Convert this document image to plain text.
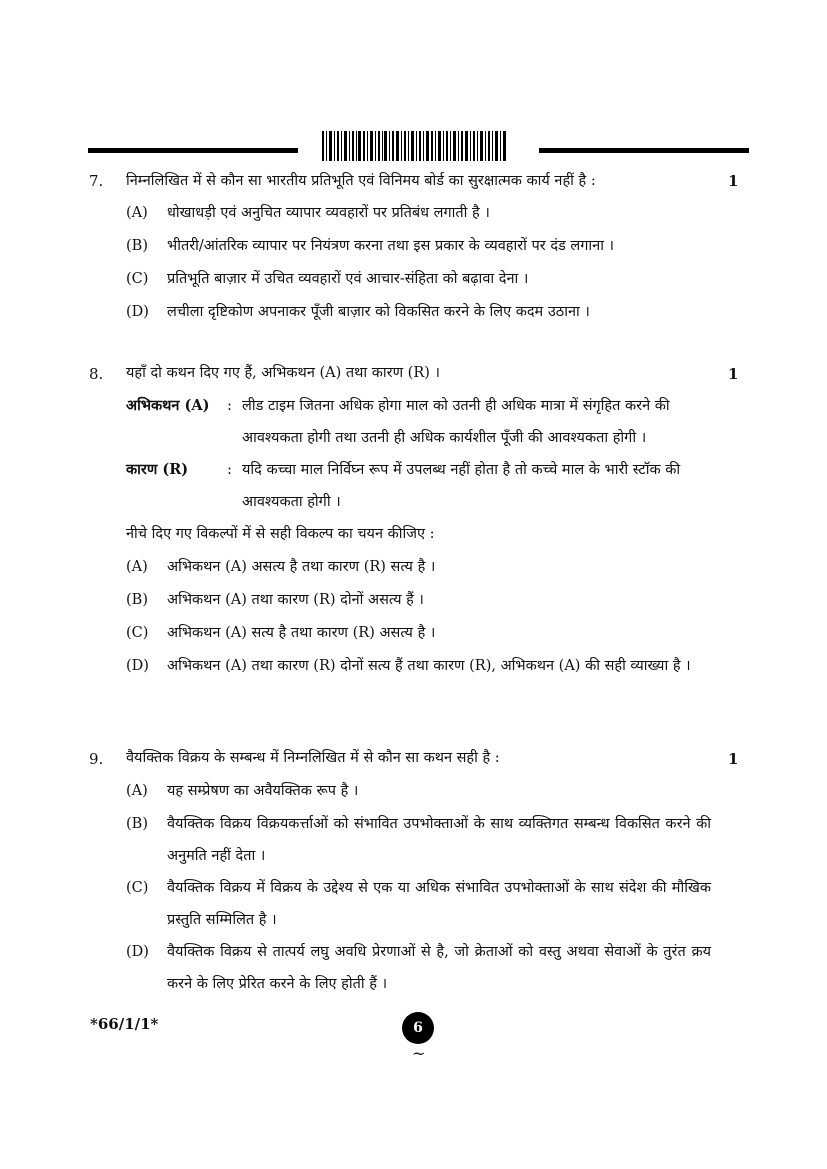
7. निम्नलिखित में से कौन सा भारतीय प्रतिभूति एवं विनिमय बोर्ड का सुरक्षात्मक कार्य नहीं है :	1
(A)	धोखाधड़ी एवं अनुचित व्यापार व्यवहारों पर प्रतिबंध लगाती है ।
(B)	भीतरी/आंतरिक व्यापार पर नियंत्रण करना तथा इस प्रकार के व्यवहारों पर दंड लगाना ।
(C)	प्रतिभूति बाज़ार में उचित व्यवहारों एवं आचार-संहिता को बढ़ावा देना ।
(D)	लचीला दृष्टिकोण अपनाकर पूँजी बाज़ार को विकसित करने के लिए कदम उठाना ।
8. यहाँ दो कथन दिए गए हैं, अभिकथन (A) तथा कारण (R) ।	1
अभिकथन (A) : लीड टाइम जितना अधिक होगा माल को उतनी ही अधिक मात्रा में संगृहित करने की आवश्यकता होगी तथा उतनी ही अधिक कार्यशील पूँजी की आवश्यकता होगी ।
कारण (R)	: यदि कच्चा माल निर्विघ्न रूप में उपलब्ध नहीं होता है तो कच्चे माल के भारी स्टॉक की आवश्यकता होगी ।
नीचे दिए गए विकल्पों में से सही विकल्प का चयन कीजिए :
(A)	अभिकथन (A) असत्य है तथा कारण (R) सत्य है ।
(B)	अभिकथन (A) तथा कारण (R) दोनों असत्य हैं ।
(C)	अभिकथन (A) सत्य है तथा कारण (R) असत्य है ।
(D)	अभिकथन (A) तथा कारण (R) दोनों सत्य हैं तथा कारण (R), अभिकथन (A) की सही व्याख्या है ।
9. वैयक्तिक विक्रय के सम्बन्ध में निम्नलिखित में से कौन सा कथन सही है :	1
(A)	यह सम्प्रेषण का अवैयक्तिक रूप है ।
(B)	वैयक्तिक विक्रय विक्रयकर्त्ताओं को संभावित उपभोक्ताओं के साथ व्यक्तिगत सम्बन्ध विकसित करने की अनुमति नहीं देता ।
(C)	वैयक्तिक विक्रय में विक्रय के उद्देश्य से एक या अधिक संभावित उपभोक्ताओं के साथ संदेश की मौखिक प्रस्तुति सम्मिलित है ।
(D)	वैयक्तिक विक्रय से तात्पर्य लघु अवधि प्रेरणाओं से है, जो क्रेताओं को वस्तु अथवा सेवाओं के तुरंत क्रय करने के लिए प्रेरित करने के लिए होती हैं ।
*66/1/1*	6
~
